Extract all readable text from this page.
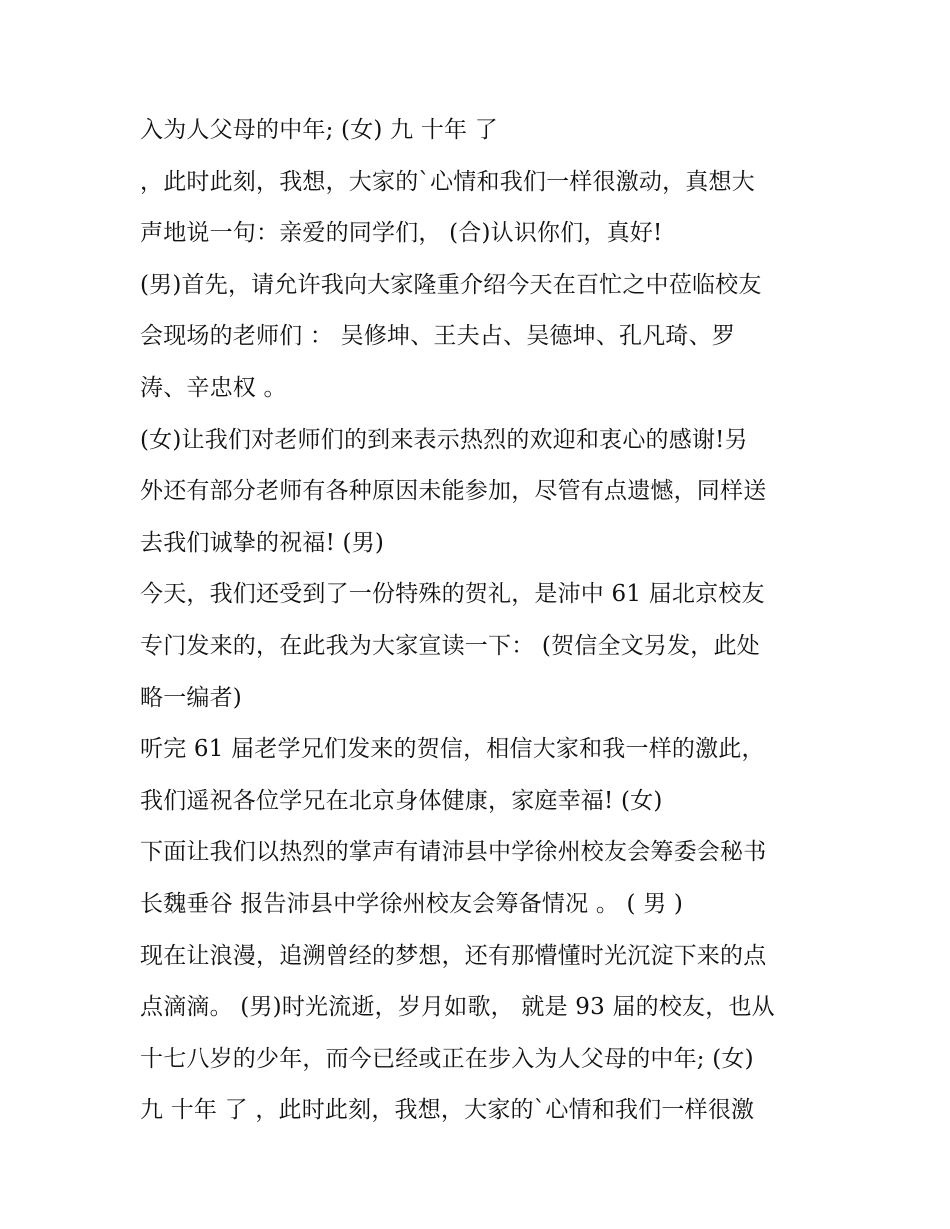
入为人父母的中年; (女) 九 十年 了
，此时此刻，我想，大家的`心情和我们一样很激动，真想大
声地说一句：亲爱的同学们， (合)认识你们，真好!
(男)首先，请允许我向大家隆重介绍今天在百忙之中莅临校友
会现场的老师们 ： 吴修坤、王夫占、吴德坤、孔凡琦、罗
涛、辛忠权 。
(女)让我们对老师们的到来表示热烈的欢迎和衷心的感谢!另
外还有部分老师有各种原因未能参加，尽管有点遗憾，同样送
去我们诚挚的祝福! (男)
今天，我们还受到了一份特殊的贺礼，是沛中 61 届北京校友
专门发来的，在此我为大家宣读一下： (贺信全文另发，此处
略一编者)
听完 61 届老学兄们发来的贺信，相信大家和我一样的激此，
我们遥祝各位学兄在北京身体健康，家庭幸福! (女)
下面让我们以热烈的掌声有请沛县中学徐州校友会筹委会秘书
长魏垂谷 报告沛县中学徐州校友会筹备情况 。 ( 男 )
现在让浪漫，追溯曾经的梦想，还有那懵懂时光沉淀下来的点
点滴滴。 (男)时光流逝，岁月如歌， 就是 93 届的校友，也从
十七八岁的少年，而今已经或正在步入为人父母的中年; (女)
九 十年 了 ，此时此刻，我想，大家的`心情和我们一样很激
